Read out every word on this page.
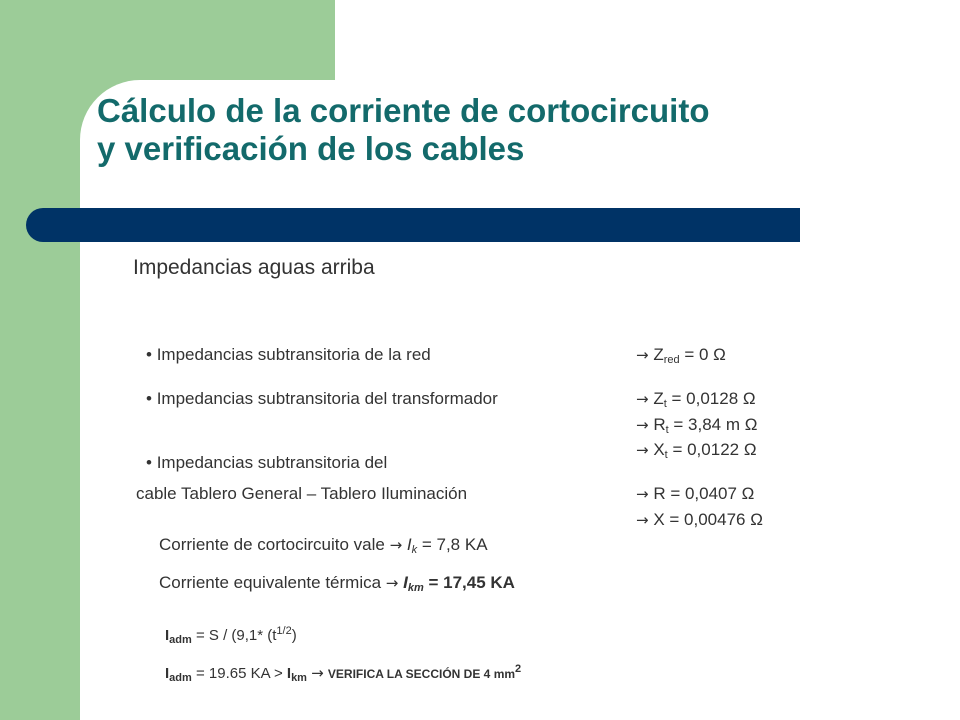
Cálculo de la corriente de cortocircuito
y verificación de los cables
Impedancias aguas arriba
• Impedancias subtransitoria de la red
• Impedancias subtransitoria del transformador
• Impedancias subtransitoria del
cable Tablero General – Tablero Iluminación
→ $Z_{red} = 0$ Ω
→ $Z_t = 0,0128$ Ω
→ $R_t = 3,84$ m Ω
→ $X_t = 0,0122$ Ω
→ R = 0,0407 Ω
→ X = 0,00476 Ω
Corriente de cortocircuito vale → $I_k = 7,8$ KA
Corriente equivalente térmica → $I_{km} = 17,45$ KA
$I_{adm} = S / (9,1*$ $(t^{1/2})$
$I_{adm} = 19.65$ KA > $I_{km}$ → VERIFICA LA SECCIÓN DE 4 $mm^2$
